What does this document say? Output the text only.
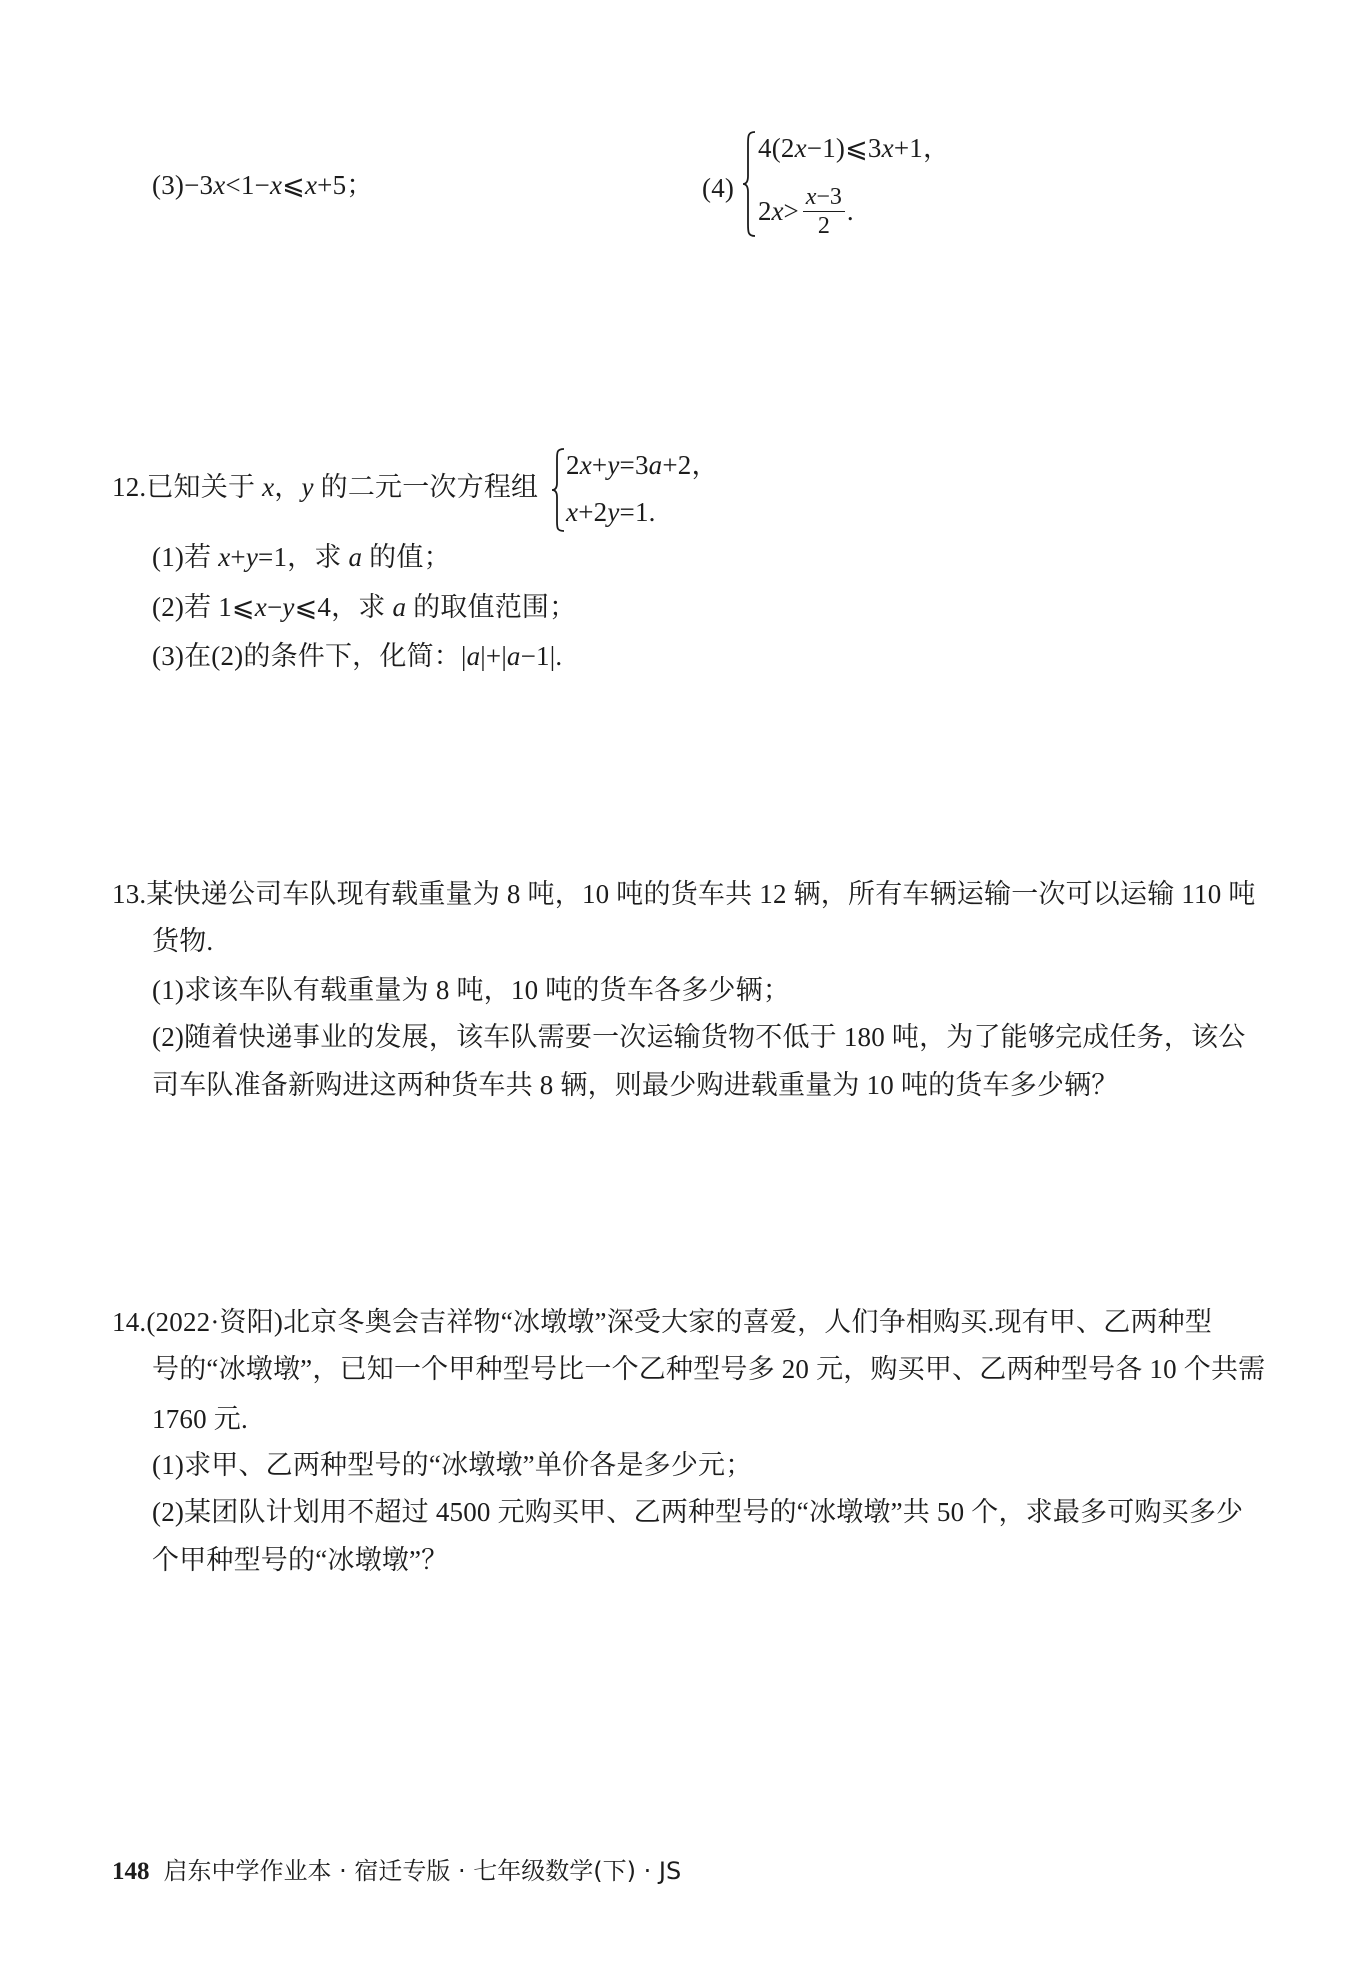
(3)−3x<1−x⩽x+5；	(4)
4(2x−1)⩽3x+1，
$2x> \frac{x-3}{2}$ .
12.已知关于 x，y 的二元一次方程组
2x+y=3a+2，
x+2y=1.
(1)若 x+y=1，求 a 的值；
(2)若 1⩽x−y⩽4，求 a 的取值范围；
(3)在(2)的条件下，化简：|a|+|a−1|.
13.某快递公司车队现有载重量为 8 吨，10 吨的货车共 12 辆，所有车辆运输一次可以运输 110 吨
货物.
(1)求该车队有载重量为 8 吨，10 吨的货车各多少辆；
(2)随着快递事业的发展，该车队需要一次运输货物不低于 180 吨，为了能够完成任务，该公
司车队准备新购进这两种货车共 8 辆，则最少购进载重量为 10 吨的货车多少辆？
14.(2022·资阳)北京冬奥会吉祥物“冰墩墩”深受大家的喜爱，人们争相购买.现有甲、乙两种型
号的“冰墩墩”，已知一个甲种型号比一个乙种型号多 20 元，购买甲、乙两种型号各 10 个共需
1760 元.
(1)求甲、乙两种型号的“冰墩墩”单价各是多少元；
(2)某团队计划用不超过 4500 元购买甲、乙两种型号的“冰墩墩”共 50 个，求最多可购买多少
个甲种型号的“冰墩墩”？
148 启东中学作业本 · 宿迁专版 · 七年级数学(下) · JS
